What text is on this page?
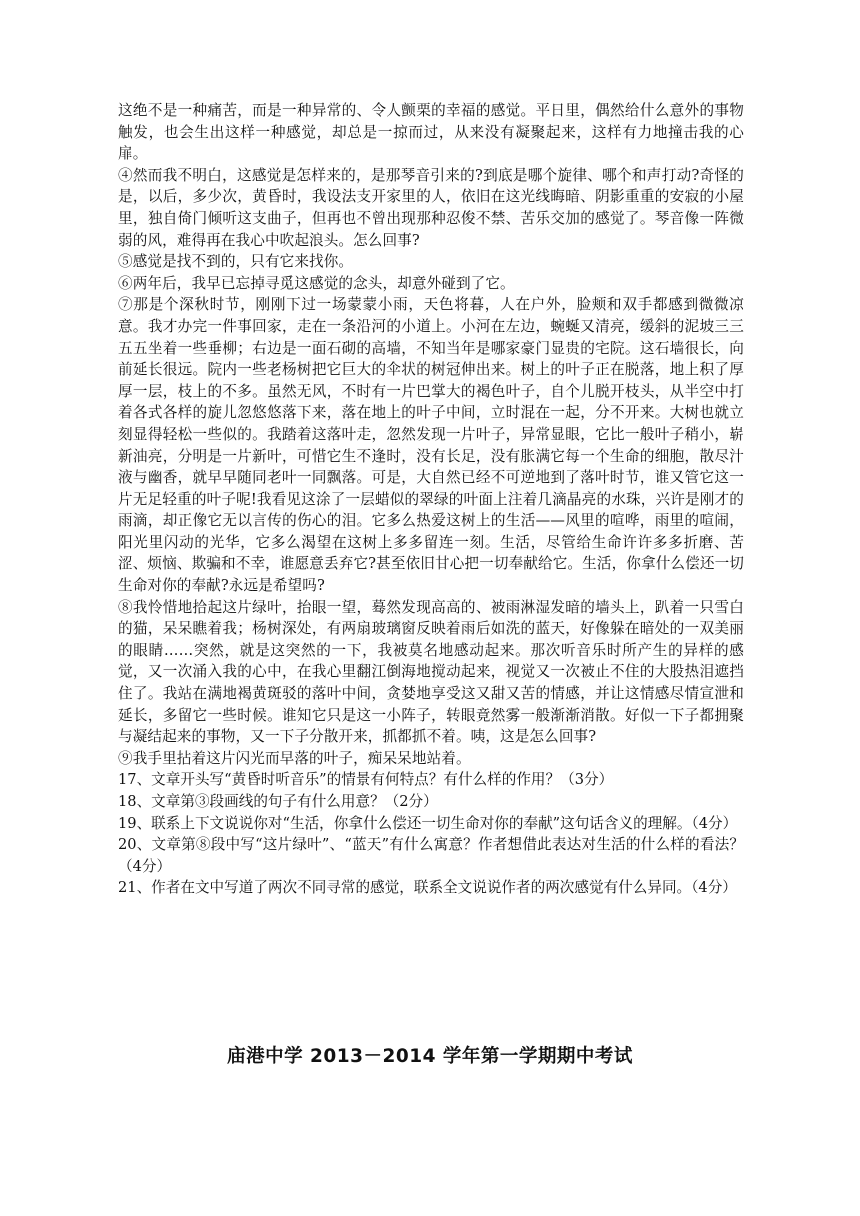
这绝不是一种痛苦，而是一种异常的、令人颤栗的幸福的感觉。平日里，偶然给什么意外的事物触发，也会生出这样一种感觉，却总是一掠而过，从来没有凝聚起来，这样有力地撞击我的心扉。

④然而我不明白，这感觉是怎样来的，是那琴音引来的?到底是哪个旋律、哪个和声打动?奇怪的是，以后，多少次，黄昏时，我设法支开家里的人，依旧在这光线晦暗、阴影重重的安寂的小屋里，独自倚门倾听这支曲子，但再也不曾出现那种忍俊不禁、苦乐交加的感觉了。琴音像一阵微弱的风，难得再在我心中吹起浪头。怎么回事?

⑤感觉是找不到的，只有它来找你。

⑥两年后，我早已忘掉寻觅这感觉的念头，却意外碰到了它。

⑦那是个深秋时节，刚刚下过一场蒙蒙小雨，天色将暮，人在户外，脸颊和双手都感到微微凉意。我才办完一件事回家，走在一条沿河的小道上。小河在左边，蜿蜒又清亮，缓斜的泥坡三三五五坐着一些垂柳；右边是一面石砌的高墙，不知当年是哪家豪门显贵的宅院。这石墙很长，向前延长很远。院内一些老杨树把它巨大的伞状的树冠伸出来。树上的叶子正在脱落，地上积了厚厚一层，枝上的不多。虽然无风，不时有一片巴掌大的褐色叶子，自个儿脱开枝头，从半空中打着各式各样的旋儿忽悠悠落下来，落在地上的叶子中间，立时混在一起，分不开来。大树也就立刻显得轻松一些似的。我踏着这落叶走，忽然发现一片叶子，异常显眼，它比一般叶子稍小，崭新油亮，分明是一片新叶，可惜它生不逢时，没有长足，没有胀满它每一个生命的细胞，散尽汁液与幽香，就早早随同老叶一同飘落。可是，大自然已经不可逆地到了落叶时节，谁又管它这一片无足轻重的叶子呢!我看见这涂了一层蜡似的翠绿的叶面上注着几滴晶亮的水珠，兴许是刚才的雨滴，却正像它无以言传的伤心的泪。它多么热爱这树上的生活——风里的喧哗，雨里的喧闹，阳光里闪动的光华，它多么渴望在这树上多多留连一刻。生活，尽管给生命许许多多折磨、苦涩、烦恼、欺骗和不幸，谁愿意丢弃它?甚至依旧甘心把一切奉献给它。生活，你拿什么偿还一切生命对你的奉献?永远是希望吗?

⑧我怜惜地拾起这片绿叶，抬眼一望，蓦然发现高高的、被雨淋湿发暗的墙头上，趴着一只雪白的猫，呆呆瞧着我；杨树深处，有两扇玻璃窗反映着雨后如洗的蓝天，好像躲在暗处的一双美丽的眼睛……突然，就是这突然的一下，我被莫名地感动起来。那次听音乐时所产生的异样的感觉，又一次涌入我的心中，在我心里翻江倒海地搅动起来，视觉又一次被止不住的大股热泪遮挡住了。我站在满地褐黄斑驳的落叶中间，贪婪地享受这又甜又苦的情感，并让这情感尽情宣泄和延长，多留它一些时候。谁知它只是这一小阵子，转眼竟然雾一般渐渐消散。好似一下子都拥聚与凝结起来的事物，又一下子分散开来，抓都抓不着。咦，这是怎么回事?

⑨我手里拈着这片闪光而早落的叶子，痴呆呆地站着。

17、文章开头写“黄昏时听音乐”的情景有何特点？有什么样的作用？（3分）

18、文章第③段画线的句子有什么用意？（2分）

19、联系上下文说说你对“生活，你拿什么偿还一切生命对你的奉献”这句话含义的理解。（4分）

20、文章第⑧段中写“这片绿叶”、“蓝天”有什么寓意？作者想借此表达对生活的什么样的看法？（4分）

21、作者在文中写道了两次不同寻常的感觉，联系全文说说作者的两次感觉有什么异同。（4分）

庙港中学 2013－2014 学年第一学期期中考试
